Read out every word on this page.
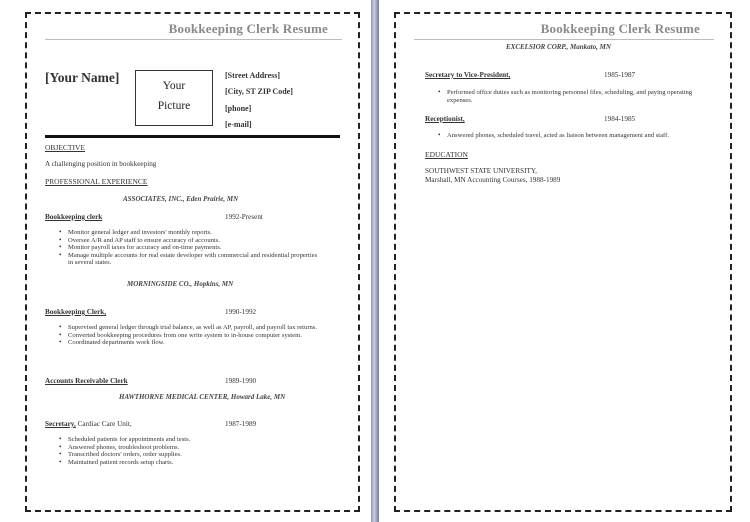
Bookkeeping Clerk Resume
[Your Name]
Your
Picture
[Street Address]
[City, ST ZIP Code]
[phone]
[e-mail]
OBJECTIVE
A challenging position in bookkeeping
PROFESSIONAL EXPERIENCE
ASSOCIATES, INC., Eden Prairie, MN
Bookkeeping clerk	1992-Present
• Monitor general ledger and investors' monthly reports.
• Oversee A/R and AP staff to ensure accuracy of accounts.
• Monitor payroll taxes for accuracy and on-time payments.
• Manage multiple accounts for real estate developer with commercial and residential properties in several states.
MORNINGSIDE CO., Hopkins, MN
Bookkeeping Clerk,	1990-1992
• Supervised general ledger through trial balance, as well as AP, payroll, and payroll tax returns.
• Converted bookkeeping procedures from one write system to in-house computer system.
• Coordinated departments work flow.
Accounts Receivable Clerk	1989-1990
HAWTHORNE MEDICAL CENTER, Howard Lake, MN
Secretary, Cardiac Care Unit,	1987-1989
• Scheduled patients for appointments and tests.
• Answered phones, troubleshoot problems.
• Transcribed doctors' orders, order supplies.
• Maintained patient records setup charts.
Bookkeeping Clerk Resume
EXCELSIOR CORP., Mankato, MN
Secretary to Vice-President,	1985-1987
• Performed office duties such as monitoring personnel files, scheduling, and paying operating expenses.
Receptionist,	1984-1985
• Answered phones, scheduled travel, acted as liaison between management and staff.
EDUCATION
SOUTHWEST STATE UNIVERSITY,
Marshall, MN Accounting Courses, 1988-1989
